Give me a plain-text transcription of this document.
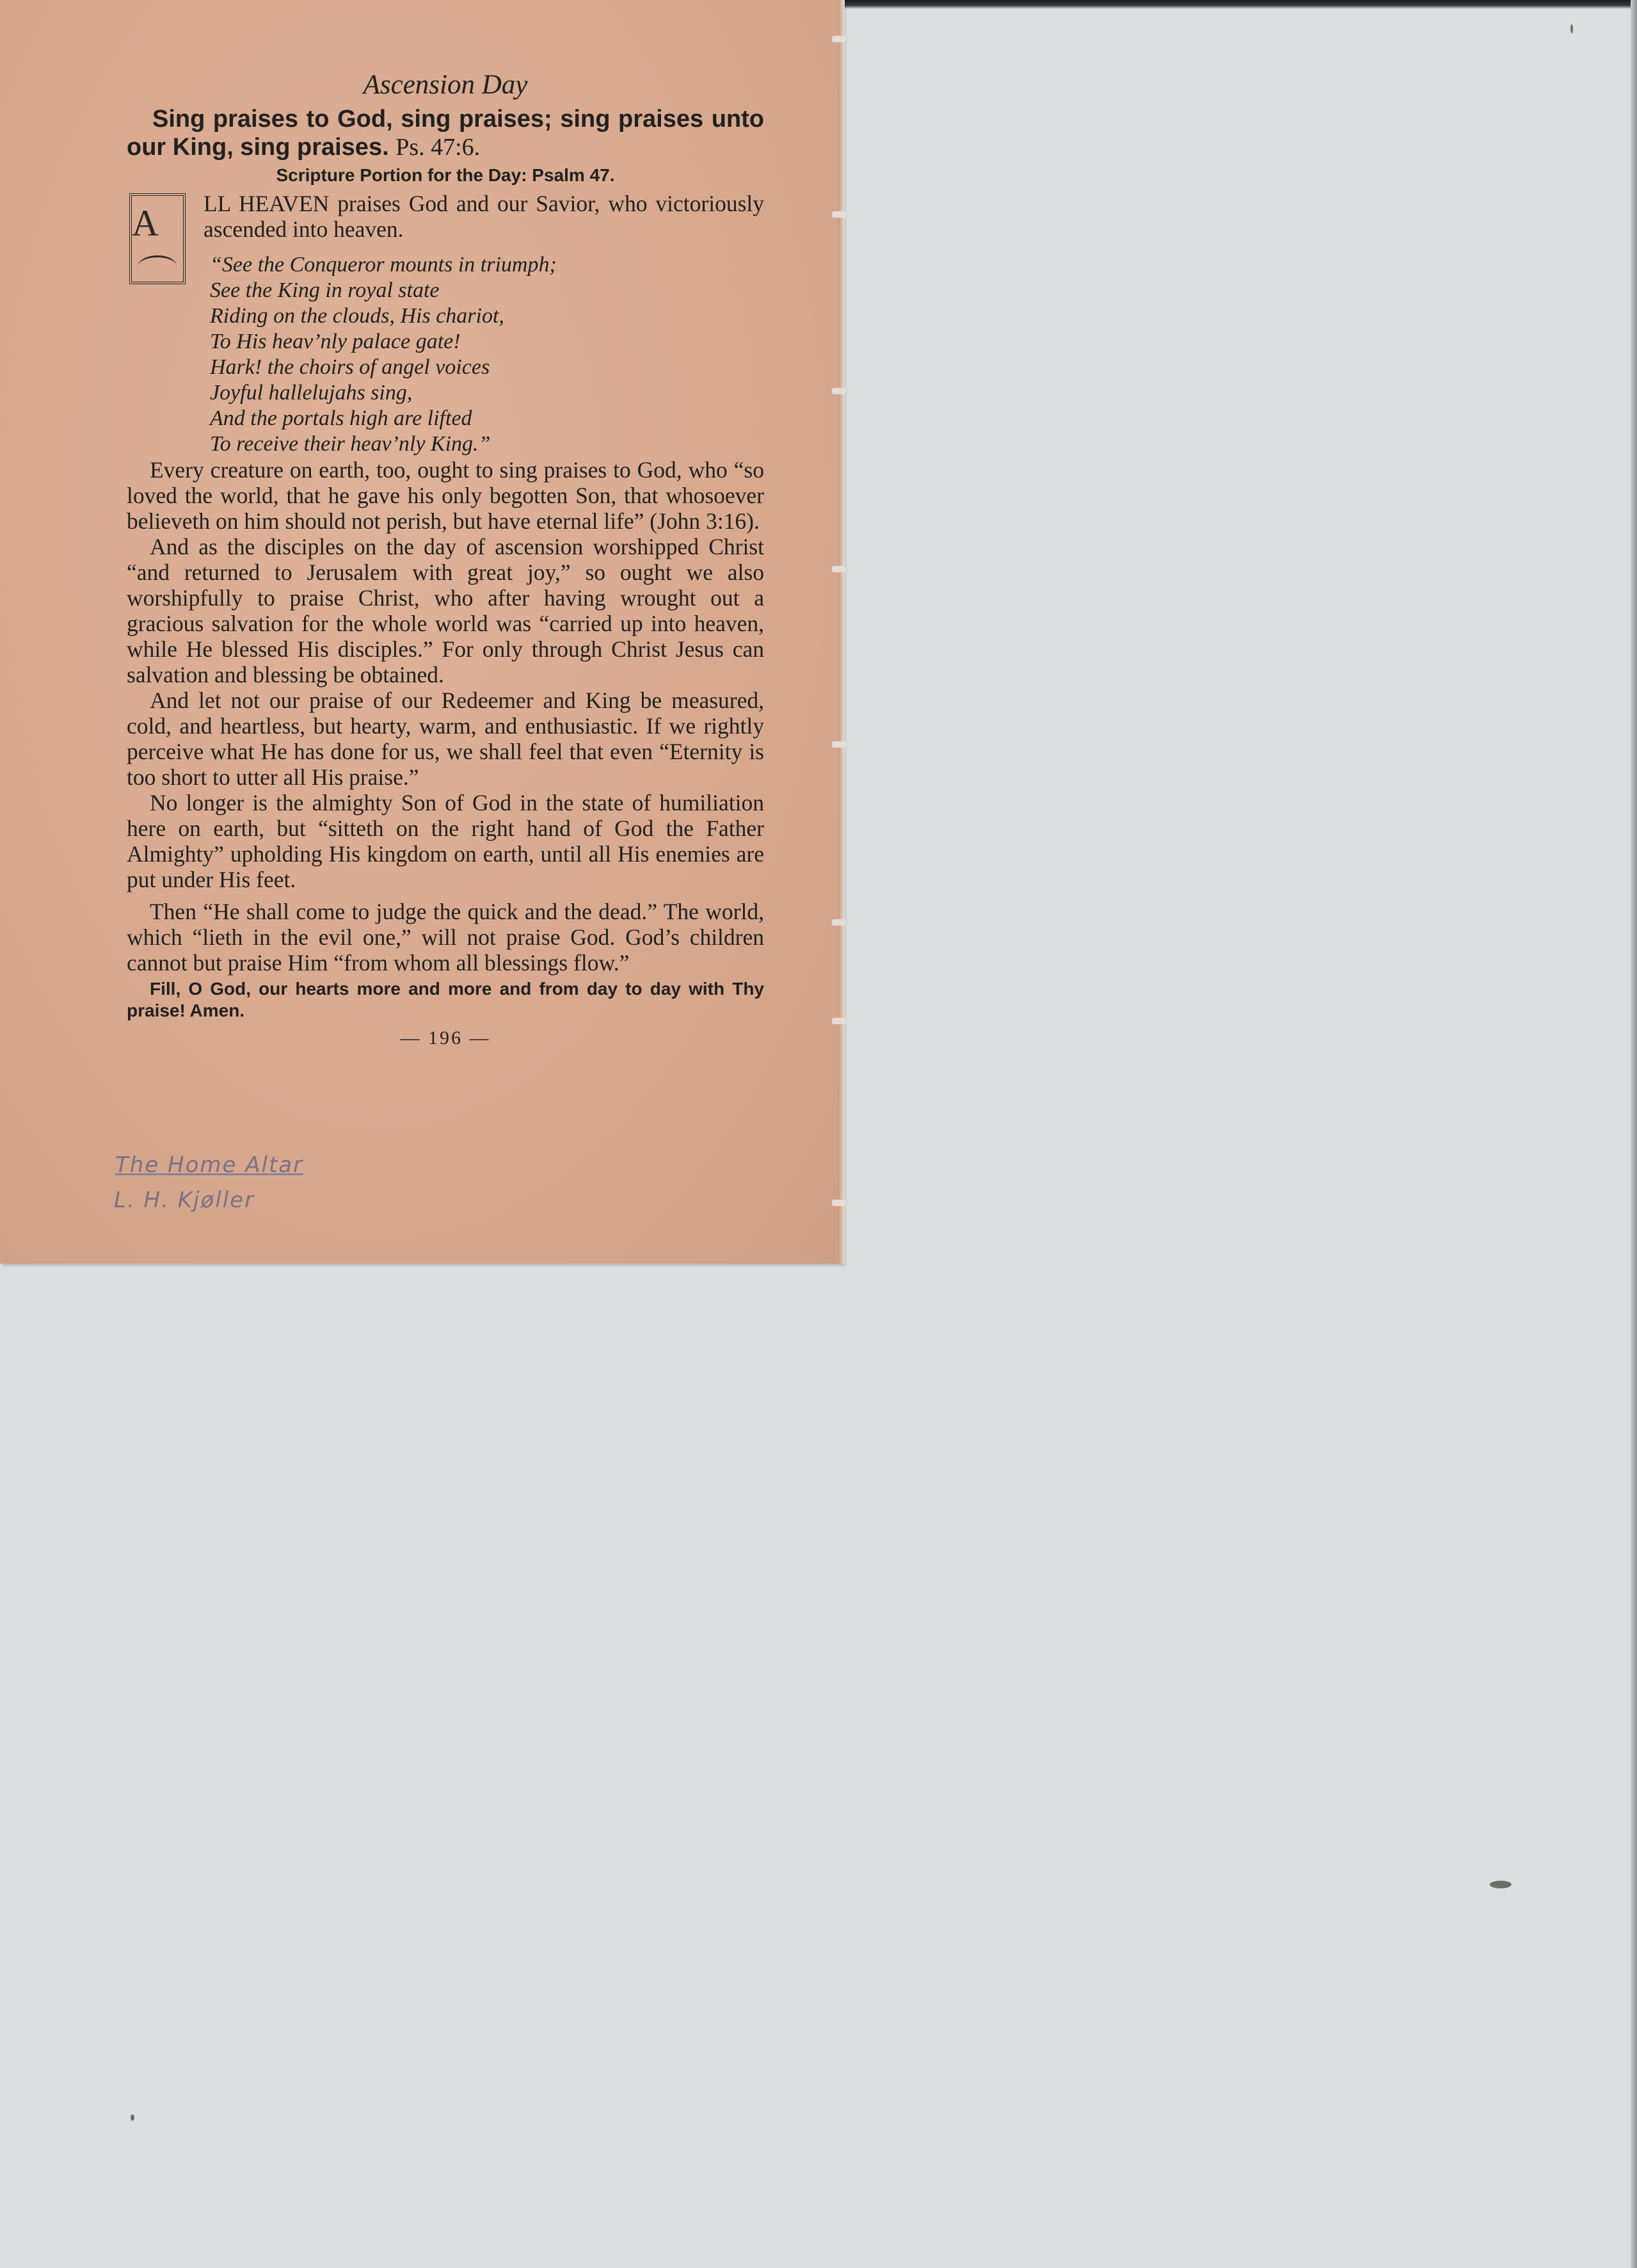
Ascension Day
Sing praises to God, sing praises; sing praises unto our King, sing praises. Ps. 47:6.
Scripture Portion for the Day: Psalm 47.
A	LL HEAVEN praises God and our Savior, who victoriously ascended into heaven.
“See the Conqueror mounts in triumph;
See the King in royal state
Riding on the clouds, His chariot,
To His heav’nly palace gate!
Hark! the choirs of angel voices
Joyful hallelujahs sing,
And the portals high are lifted
To receive their heav’nly King.”
Every creature on earth, too, ought to sing praises to God, who “so loved the world, that he gave his only begotten Son, that whosoever believeth on him should not perish, but have eternal life” (John 3:16).
And as the disciples on the day of ascension worshipped Christ “and returned to Jerusalem with great joy,” so ought we also worshipfully to praise Christ, who after having wrought out a gracious salvation for the whole world was “carried up into heaven, while He blessed His disciples.” For only through Christ Jesus can salvation and blessing be obtained.
And let not our praise of our Redeemer and King be measured, cold, and heartless, but hearty, warm, and enthusiastic. If we rightly perceive what He has done for us, we shall feel that even “Eternity is too short to utter all His praise.”
No longer is the almighty Son of God in the state of humiliation here on earth, but “sitteth on the right hand of God the Father Almighty” upholding His kingdom on earth, until all His enemies are put under His feet.
Then “He shall come to judge the quick and the dead.” The world, which “lieth in the evil one,” will not praise God. God’s children cannot but praise Him “from whom all blessings flow.”
Fill, O God, our hearts more and more and from day to day with Thy praise! Amen.
— 196 —
The Home Altar
L. H. Kjøller
